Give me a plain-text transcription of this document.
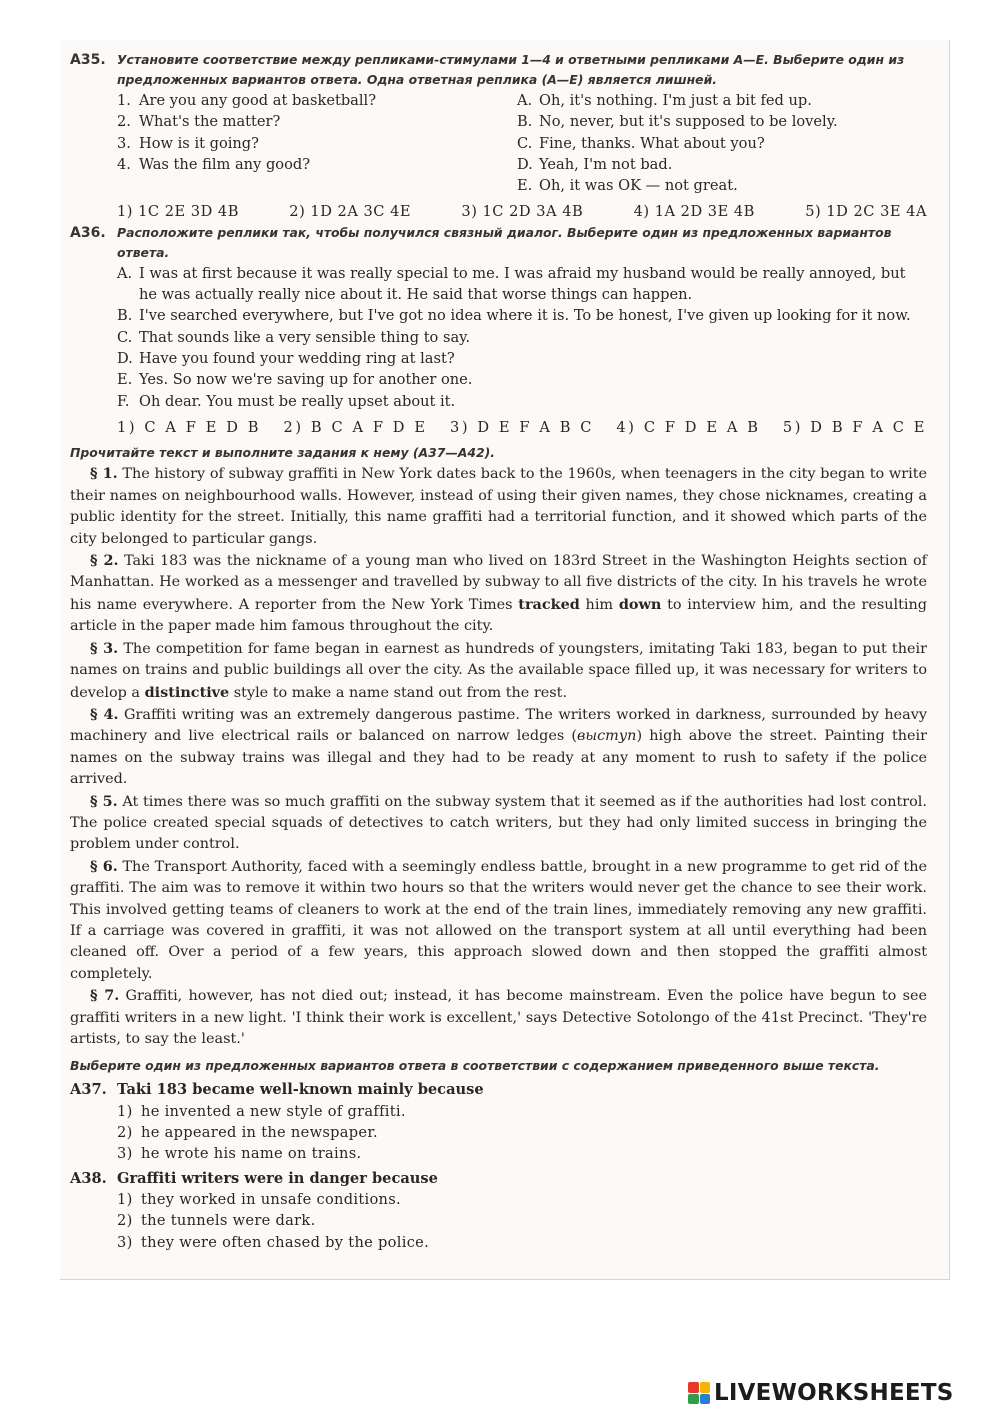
A35. Установите соответствие между репликами-стимулами 1—4 и ответными репликами А—Е. Выберите один из предложенных вариантов ответа. Одна ответная реплика (А—Е) является лишней.
1. Are you any good at basketball?
2. What's the matter?
3. How is it going?
4. Was the film any good?
A. Oh, it's nothing. I'm just a bit fed up.
B. No, never, but it's supposed to be lovely.
C. Fine, thanks. What about you?
D. Yeah, I'm not bad.
E. Oh, it was OK — not great.
1) 1C 2E 3D 4B	2) 1D 2A 3C 4E	3) 1C 2D 3A 4B	4) 1A 2D 3E 4B	5) 1D 2C 3E 4A
A36. Расположите реплики так, чтобы получился связный диалог. Выберите один из предложенных вариантов ответа.
A. I was at first because it was really special to me. I was afraid my husband would be really annoyed, but he was actually really nice about it. He said that worse things can happen.
B. I've searched everywhere, but I've got no idea where it is. To be honest, I've given up looking for it now.
C. That sounds like a very sensible thing to say.
D. Have you found your wedding ring at last?
E. Yes. So now we're saving up for another one.
F. Oh dear. You must be really upset about it.
1) C A F E D B 2) B C A F D E 3) D E F A B C 4) C F D E A B 5) D B F A C E
Прочитайте текст и выполните задания к нему (А37—А42).

§ 1. The history of subway graffiti in New York dates back to the 1960s, when teenagers in the city began to write their names on neighbourhood walls. However, instead of using their given names, they chose nicknames, creating a public identity for the street. Initially, this name graffiti had a territorial function, and it showed which parts of the city belonged to particular gangs.

§ 2. Taki 183 was the nickname of a young man who lived on 183rd Street in the Washington Heights section of Manhattan. He worked as a messenger and travelled by subway to all five districts of the city. In his travels he wrote his name everywhere. A reporter from the New York Times tracked him down to interview him, and the resulting article in the paper made him famous throughout the city.

§ 3. The competition for fame began in earnest as hundreds of youngsters, imitating Taki 183, began to put their names on trains and public buildings all over the city. As the available space filled up, it was necessary for writers to develop a distinctive style to make a name stand out from the rest.

§ 4. Graffiti writing was an extremely dangerous pastime. The writers worked in darkness, surrounded by heavy machinery and live electrical rails or balanced on narrow ledges (выступ) high above the street. Painting their names on the subway trains was illegal and they had to be ready at any moment to rush to safety if the police arrived.

§ 5. At times there was so much graffiti on the subway system that it seemed as if the authorities had lost control. The police created special squads of detectives to catch writers, but they had only limited success in bringing the problem under control.

§ 6. The Transport Authority, faced with a seemingly endless battle, brought in a new programme to get rid of the graffiti. The aim was to remove it within two hours so that the writers would never get the chance to see their work. This involved getting teams of cleaners to work at the end of the train lines, immediately removing any new graffiti. If a carriage was covered in graffiti, it was not allowed on the transport system at all until everything had been cleaned off. Over a period of a few years, this approach slowed down and then stopped the graffiti almost completely.

§ 7. Graffiti, however, has not died out; instead, it has become mainstream. Even the police have begun to see graffiti writers in a new light. 'I think their work is excellent,' says Detective Sotolongo of the 41st Precinct. 'They're artists, to say the least.'

Выберите один из предложенных вариантов ответа в соответствии с содержанием приведенного выше текста.
A37. Taki 183 became well-known mainly because
1) he invented a new style of graffiti.
2) he appeared in the newspaper.
3) he wrote his name on trains.
A38. Graffiti writers were in danger because
1) they worked in unsafe conditions.
2) the tunnels were dark.
3) they were often chased by the police.
LIVEWORKSHEETS
